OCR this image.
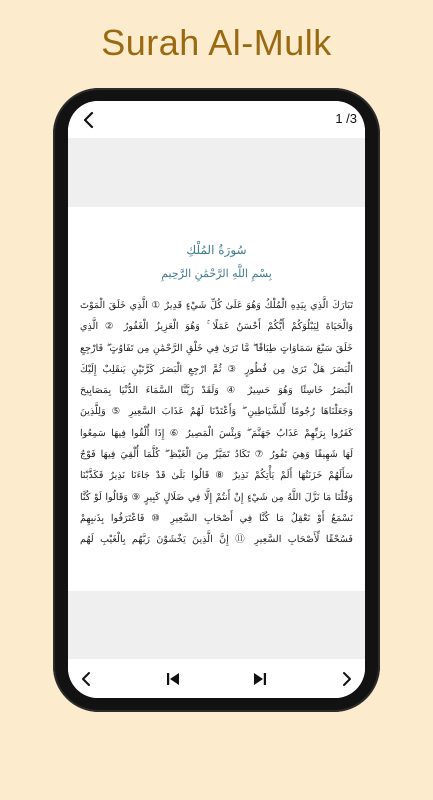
Surah Al-Mulk
1 /3
سُورَةُ المُلْكِ
بِسْمِ اللَّهِ الرَّحْمَٰنِ الرَّحِيمِ
تَبَارَكَ الَّذِي بِيَدِهِ الْمُلْكُ وَهُوَ عَلَىٰ كُلِّ شَيْءٍ قَدِيرٌ ① الَّذِي خَلَقَ الْمَوْتَ
وَالْحَيَاةَ لِيَبْلُوَكُمْ أَيُّكُمْ أَحْسَنُ عَمَلًا ۚ وَهُوَ الْعَزِيزُ الْغَفُورُ ② الَّذِي
خَلَقَ سَبْعَ سَمَاوَاتٍ طِبَاقًا ۖ مَّا تَرَىٰ فِي خَلْقِ الرَّحْمَٰنِ مِن تَفَاوُتٍ ۖ فَارْجِعِ
الْبَصَرَ هَلْ تَرَىٰ مِن فُطُورٍ ③ ثُمَّ ارْجِعِ الْبَصَرَ كَرَّتَيْنِ يَنقَلِبْ إِلَيْكَ
الْبَصَرُ خَاسِئًا وَهُوَ حَسِيرٌ ④ وَلَقَدْ زَيَّنَّا السَّمَاءَ الدُّنْيَا بِمَصَابِيحَ
وَجَعَلْنَاهَا رُجُومًا لِّلشَّيَاطِينِ ۖ وَأَعْتَدْنَا لَهُمْ عَذَابَ السَّعِيرِ ⑤ وَلِلَّذِينَ
كَفَرُوا بِرَبِّهِمْ عَذَابُ جَهَنَّمَ ۖ وَبِئْسَ الْمَصِيرُ ⑥ إِذَا أُلْقُوا فِيهَا سَمِعُوا
لَهَا شَهِيقًا وَهِيَ تَفُورُ ⑦ تَكَادُ تَمَيَّزُ مِنَ الْغَيْظِ ۖ كُلَّمَا أُلْقِيَ فِيهَا فَوْجٌ
سَأَلَهُمْ خَزَنَتُهَا أَلَمْ يَأْتِكُمْ نَذِيرٌ ⑧ قَالُوا بَلَىٰ قَدْ جَاءَنَا نَذِيرٌ فَكَذَّبْنَا
وَقُلْنَا مَا نَزَّلَ اللَّهُ مِن شَيْءٍ إِنْ أَنتُمْ إِلَّا فِي ضَلَالٍ كَبِيرٍ ⑨ وَقَالُوا لَوْ كُنَّا
نَسْمَعُ أَوْ نَعْقِلُ مَا كُنَّا فِي أَصْحَابِ السَّعِيرِ ⑩ فَاعْتَرَفُوا بِذَنبِهِمْ
فَسُحْقًا لِّأَصْحَابِ السَّعِيرِ ⑪ إِنَّ الَّذِينَ يَخْشَوْنَ رَبَّهُم بِالْغَيْبِ لَهُم
